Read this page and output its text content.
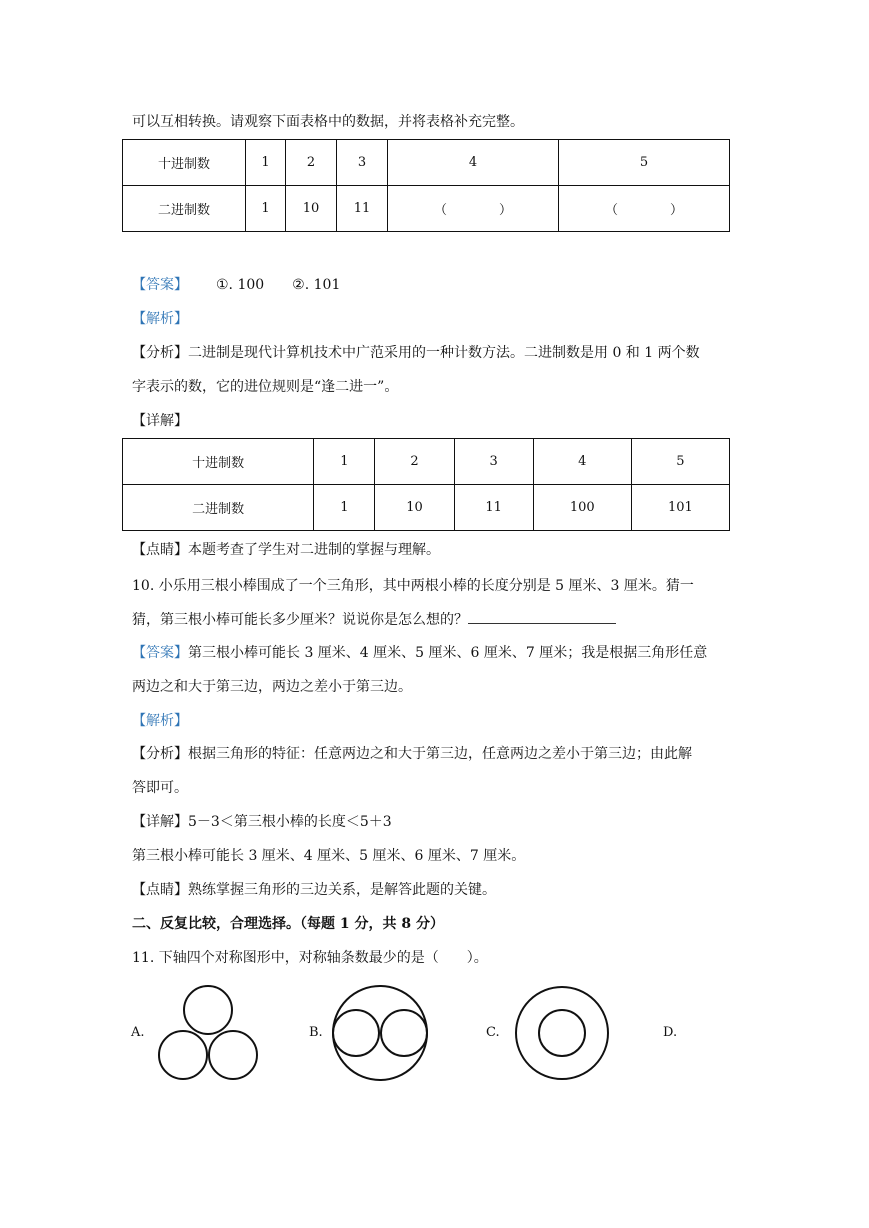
可以互相转换。请观察下面表格中的数据，并将表格补充完整。
十进制数	1	2	3	4	5
二进制数	1	10	11	（　　　　）	（　　　　）
【答案】 ①. 100　　②. 101
【解析】
【分析】二进制是现代计算机技术中广范采用的一种计数方法。二进制数是用 0 和 1 两个数
字表示的数，它的进位规则是“逢二进一”。
【详解】
十进制数	1	2	3	4	5
二进制数	1	10	11	100	101
【点睛】本题考查了学生对二进制的掌握与理解。
10. 小乐用三根小棒围成了一个三角形，其中两根小棒的长度分别是 5 厘米、3 厘米。猜一
猜，第三根小棒可能长多少厘米？说说你是怎么想的？
【答案】第三根小棒可能长 3 厘米、4 厘米、5 厘米、6 厘米、7 厘米；我是根据三角形任意
两边之和大于第三边，两边之差小于第三边。
【解析】
【分析】根据三角形的特征：任意两边之和大于第三边，任意两边之差小于第三边；由此解
答即可。
【详解】5－3＜第三根小棒的长度＜5＋3
第三根小棒可能长 3 厘米、4 厘米、5 厘米、6 厘米、7 厘米。
【点睛】熟练掌握三角形的三边关系，是解答此题的关键。
二、反复比较，合理选择。（每题 1 分，共 8 分）
11. 下轴四个对称图形中，对称轴条数最少的是（　　）。
A.	B.	C.	D.
